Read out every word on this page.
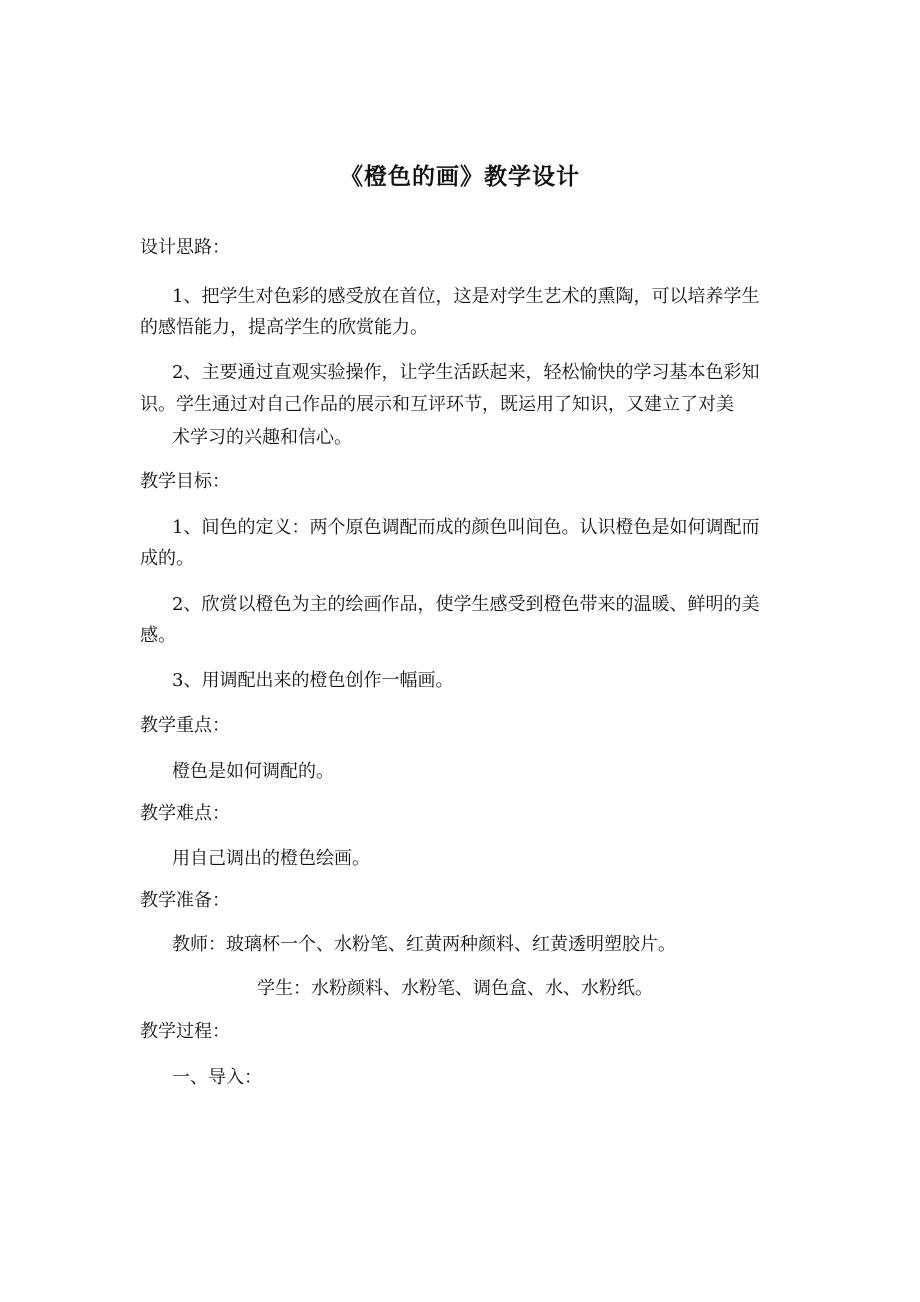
《橙色的画》教学设计
设计思路：
1、把学生对色彩的感受放在首位，这是对学生艺术的熏陶，可以培养学生
的感悟能力，提高学生的欣赏能力。
2、主要通过直观实验操作，让学生活跃起来，轻松愉快的学习基本色彩知
识。学生通过对自己作品的展示和互评环节，既运用了知识，又建立了对美
术学习的兴趣和信心。
教学目标：
1、间色的定义：两个原色调配而成的颜色叫间色。认识橙色是如何调配而
成的。
2、欣赏以橙色为主的绘画作品，使学生感受到橙色带来的温暖、鲜明的美
感。
3、用调配出来的橙色创作一幅画。
教学重点：
橙色是如何调配的。
教学难点：
用自己调出的橙色绘画。
教学准备：
教师：玻璃杯一个、水粉笔、红黄两种颜料、红黄透明塑胶片。
学生：水粉颜料、水粉笔、调色盒、水、水粉纸。
教学过程：
一、导入：
